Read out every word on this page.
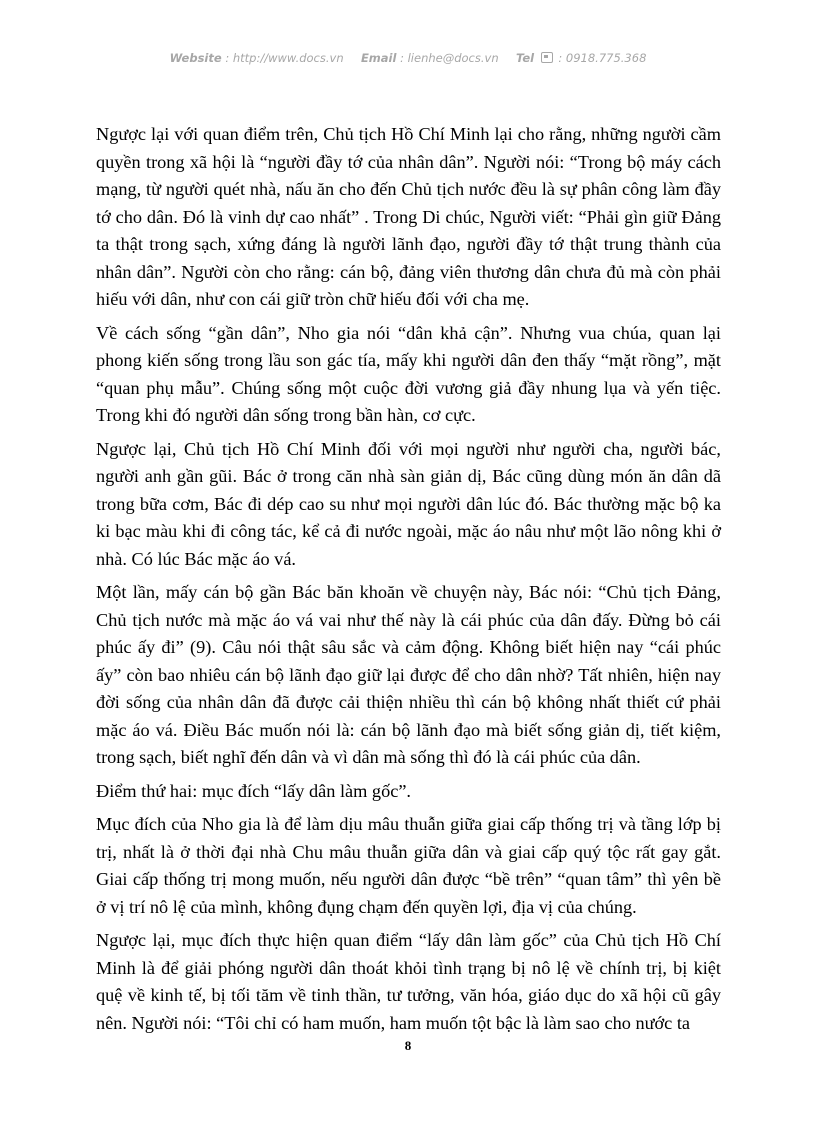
Website : http://www.docs.vn Email : lienhe@docs.vn Tel : 0918.775.368

Ngược lại với quan điểm trên, Chủ tịch Hồ Chí Minh lại cho rằng, những người cầm quyền trong xã hội là “người đầy tớ của nhân dân”. Người nói: “Trong bộ máy cách mạng, từ người quét nhà, nấu ăn cho đến Chủ tịch nước đều là sự phân công làm đầy tớ cho dân. Đó là vinh dự cao nhất” . Trong Di chúc, Người viết: “Phải gìn giữ Đảng ta thật trong sạch, xứng đáng là người lãnh đạo, người đầy tớ thật trung thành của nhân dân”. Người còn cho rằng: cán bộ, đảng viên thương dân chưa đủ mà còn phải hiếu với dân, như con cái giữ tròn chữ hiếu đối với cha mẹ.

Về cách sống “gần dân”, Nho gia nói “dân khả cận”. Nhưng vua chúa, quan lại phong kiến sống trong lầu son gác tía, mấy khi người dân đen thấy “mặt rồng”, mặt “quan phụ mẫu”. Chúng sống một cuộc đời vương giả đầy nhung lụa và yến tiệc. Trong khi đó người dân sống trong bần hàn, cơ cực.

Ngược lại, Chủ tịch Hồ Chí Minh đối với mọi người như người cha, người bác, người anh gần gũi. Bác ở trong căn nhà sàn giản dị, Bác cũng dùng món ăn dân dã trong bữa cơm, Bác đi dép cao su như mọi người dân lúc đó. Bác thường mặc bộ ka ki bạc màu khi đi công tác, kể cả đi nước ngoài, mặc áo nâu như một lão nông khi ở nhà. Có lúc Bác mặc áo vá.

Một lần, mấy cán bộ gần Bác băn khoăn về chuyện này, Bác nói: “Chủ tịch Đảng, Chủ tịch nước mà mặc áo vá vai như thế này là cái phúc của dân đấy. Đừng bỏ cái phúc ấy đi” (9). Câu nói thật sâu sắc và cảm động. Không biết hiện nay “cái phúc ấy” còn bao nhiêu cán bộ lãnh đạo giữ lại được để cho dân nhờ? Tất nhiên, hiện nay đời sống của nhân dân đã được cải thiện nhiều thì cán bộ không nhất thiết cứ phải mặc áo vá. Điều Bác muốn nói là: cán bộ lãnh đạo mà biết sống giản dị, tiết kiệm, trong sạch, biết nghĩ đến dân và vì dân mà sống thì đó là cái phúc của dân.

Điểm thứ hai: mục đích “lấy dân làm gốc”.

Mục đích của Nho gia là để làm dịu mâu thuẫn giữa giai cấp thống trị và tầng lớp bị trị, nhất là ở thời đại nhà Chu mâu thuẫn giữa dân và giai cấp quý tộc rất gay gắt. Giai cấp thống trị mong muốn, nếu người dân được “bề trên” “quan tâm” thì yên bề ở vị trí nô lệ của mình, không đụng chạm đến quyền lợi, địa vị của chúng.

Ngược lại, mục đích thực hiện quan điểm “lấy dân làm gốc” của Chủ tịch Hồ Chí Minh là để giải phóng người dân thoát khỏi tình trạng bị nô lệ về chính trị, bị kiệt quệ về kinh tế, bị tối tăm về tinh thần, tư tưởng, văn hóa, giáo dục do xã hội cũ gây nên. Người nói: “Tôi chỉ có ham muốn, ham muốn tột bậc là làm sao cho nước ta

8
